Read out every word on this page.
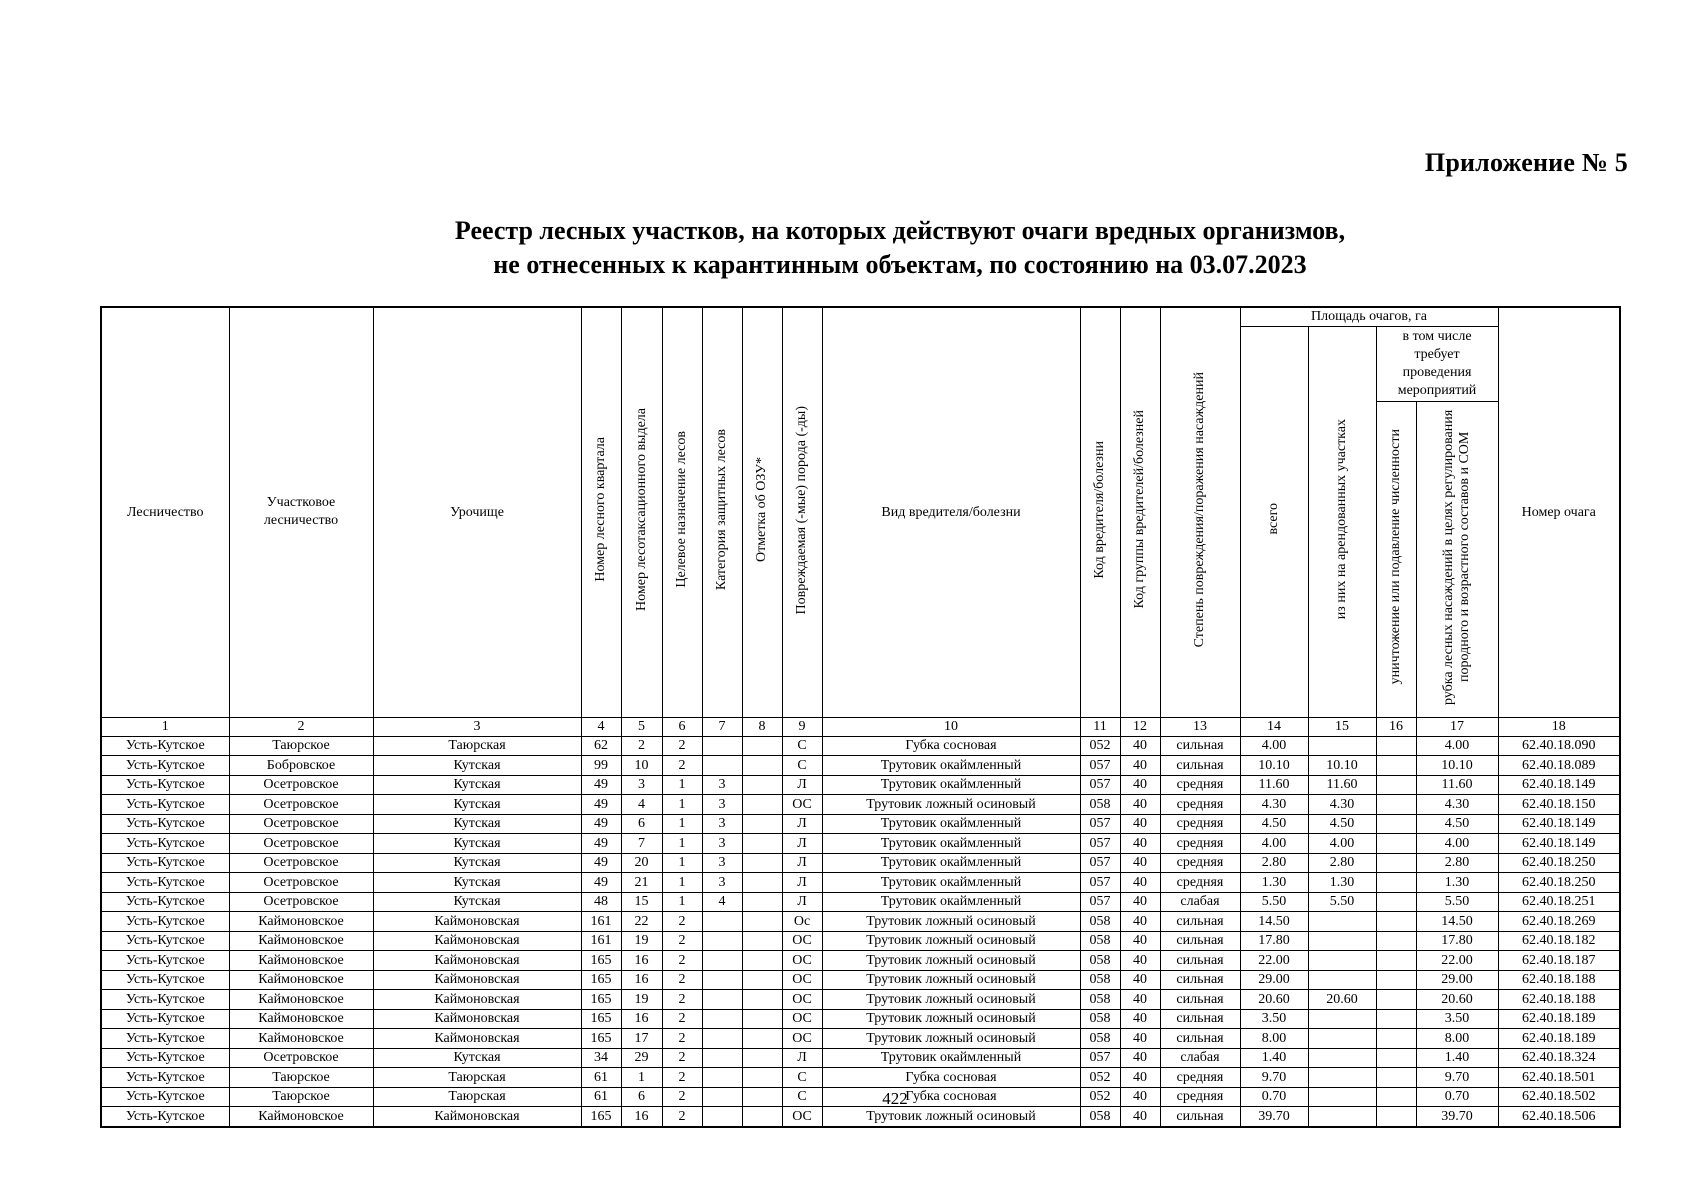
Приложение № 5
Реестр лесных участков, на которых действуют очаги вредных организмов,
не отнесенных к карантинным объектам, по состоянию на 03.07.2023
Лесничество	Участковое лесничество	Урочище	Номер лесного квартала	Номер лесотаксационного выдела	Целевое назначение лесов	Категория защитных лесов	Отметка об ОЗУ*	Повреждаемая (-мые) порода (-ды)	Вид вредителя/болезни	Код вредителя/болезни	Код группы вредителей/болезней	Степень повреждения/поражения насаждений	Площадь очагов, га				Номер очага
													всего	из них на арендованных участках	в том числе требует проведения мероприятий		
															уничтожение или подавление численности	рубка лесных насаждений в целях регулирования породного и возрастного составов и СОМ	
1	2	3	4	5	6	7	8	9	10	11	12	13	14	15	16	17	18
Усть-Кутское	Таюрское	Таюрская	62	2	2			С	Губка сосновая	052	40	сильная	4.00			4.00	62.40.18.090
Усть-Кутское	Бобровское	Кутская	99	10	2			С	Трутовик окаймленный	057	40	сильная	10.10	10.10		10.10	62.40.18.089
Усть-Кутское	Осетровское	Кутская	49	3	1	3		Л	Трутовик окаймленный	057	40	средняя	11.60	11.60		11.60	62.40.18.149
Усть-Кутское	Осетровское	Кутская	49	4	1	3		ОС	Трутовик ложный осиновый	058	40	средняя	4.30	4.30		4.30	62.40.18.150
Усть-Кутское	Осетровское	Кутская	49	6	1	3		Л	Трутовик окаймленный	057	40	средняя	4.50	4.50		4.50	62.40.18.149
Усть-Кутское	Осетровское	Кутская	49	7	1	3		Л	Трутовик окаймленный	057	40	средняя	4.00	4.00		4.00	62.40.18.149
Усть-Кутское	Осетровское	Кутская	49	20	1	3		Л	Трутовик окаймленный	057	40	средняя	2.80	2.80		2.80	62.40.18.250
Усть-Кутское	Осетровское	Кутская	49	21	1	3		Л	Трутовик окаймленный	057	40	средняя	1.30	1.30		1.30	62.40.18.250
Усть-Кутское	Осетровское	Кутская	48	15	1	4		Л	Трутовик окаймленный	057	40	слабая	5.50	5.50		5.50	62.40.18.251
Усть-Кутское	Каймоновское	Каймоновская	161	22	2			Ос	Трутовик ложный осиновый	058	40	сильная	14.50			14.50	62.40.18.269
Усть-Кутское	Каймоновское	Каймоновская	161	19	2			ОС	Трутовик ложный осиновый	058	40	сильная	17.80			17.80	62.40.18.182
Усть-Кутское	Каймоновское	Каймоновская	165	16	2			ОС	Трутовик ложный осиновый	058	40	сильная	22.00			22.00	62.40.18.187
Усть-Кутское	Каймоновское	Каймоновская	165	16	2			ОС	Трутовик ложный осиновый	058	40	сильная	29.00			29.00	62.40.18.188
Усть-Кутское	Каймоновское	Каймоновская	165	19	2			ОС	Трутовик ложный осиновый	058	40	сильная	20.60	20.60		20.60	62.40.18.188
Усть-Кутское	Каймоновское	Каймоновская	165	16	2			ОС	Трутовик ложный осиновый	058	40	сильная	3.50			3.50	62.40.18.189
Усть-Кутское	Каймоновское	Каймоновская	165	17	2			ОС	Трутовик ложный осиновый	058	40	сильная	8.00			8.00	62.40.18.189
Усть-Кутское	Осетровское	Кутская	34	29	2			Л	Трутовик окаймленный	057	40	слабая	1.40			1.40	62.40.18.324
Усть-Кутское	Таюрское	Таюрская	61	1	2			С	Губка сосновая	052	40	средняя	9.70			9.70	62.40.18.501
Усть-Кутское	Таюрское	Таюрская	61	6	2			С	Губка сосновая	052	40	средняя	0.70			0.70	62.40.18.502
Усть-Кутское	Каймоновское	Каймоновская	165	16	2			ОС	Трутовик ложный осиновый	058	40	сильная	39.70			39.70	62.40.18.506
422
